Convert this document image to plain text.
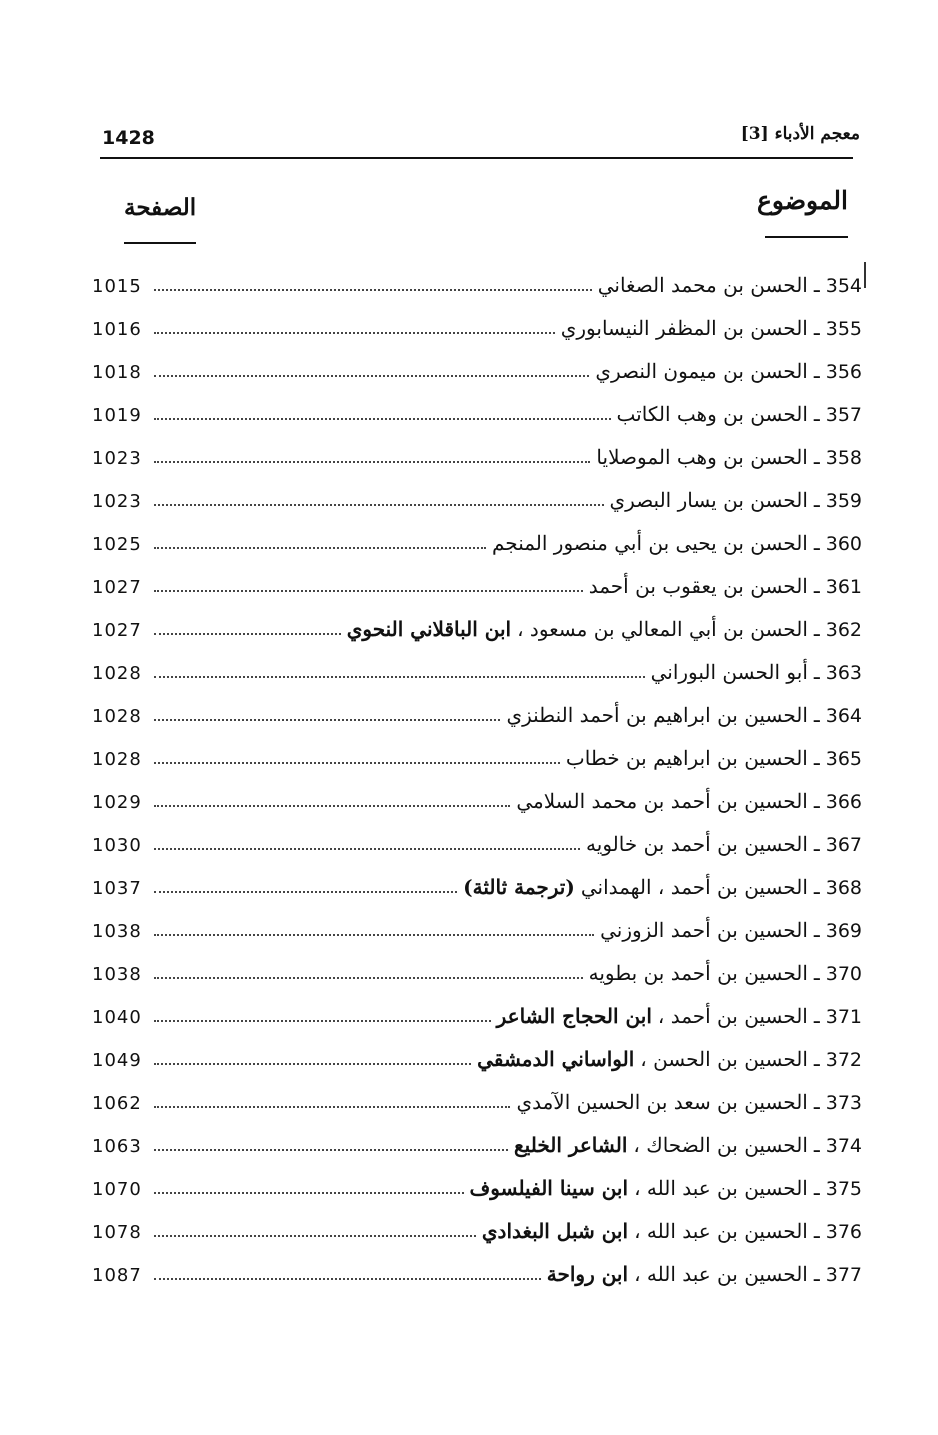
1428	معجم الأدباء [3]
الموضوع
الصفحة
354
ـ
الحسن بن محمد الصغاني
1015
355
ـ
الحسن بن المظفر النيسابوري
1016
356
ـ
الحسن بن ميمون النصري
1018
357
ـ
الحسن بن وهب الكاتب
1019
358
ـ
الحسن بن وهب الموصلايا
1023
359
ـ
الحسن بن يسار البصري
1023
360
ـ
الحسن بن يحيى بن أبي منصور المنجم
1025
361
ـ
الحسن بن يعقوب بن أحمد
1027
362
ـ
الحسن بن أبي المعالي بن مسعود ،
ابن الباقلاني النحوي
1027
363
ـ
أبو الحسن البوراني
1028
364
ـ
الحسين بن ابراهيم بن أحمد النطنزي
1028
365
ـ
الحسين بن ابراهيم بن خطاب
1028
366
ـ
الحسين بن أحمد بن محمد السلامي
1029
367
ـ
الحسين بن أحمد بن خالويه
1030
368
ـ
الحسين بن أحمد ، الهمداني
(ترجمة ثالثة)
1037
369
ـ
الحسين بن أحمد الزوزني
1038
370
ـ
الحسين بن أحمد بن بطويه
1038
371
ـ
الحسين بن أحمد ،
ابن الحجاج الشاعر
1040
372
ـ
الحسين بن الحسن ،
الواساني الدمشقي
1049
373
ـ
الحسين بن سعد بن الحسين الآمدي
1062
374
ـ
الحسين بن الضحاك ،
الشاعر الخليع
1063
375
ـ
الحسين بن عبد الله ،
ابن سينا الفيلسوف
1070
376
ـ
الحسين بن عبد الله ،
ابن شبل البغدادي
1078
377
ـ
الحسين بن عبد الله ،
ابن رواحة
1087
